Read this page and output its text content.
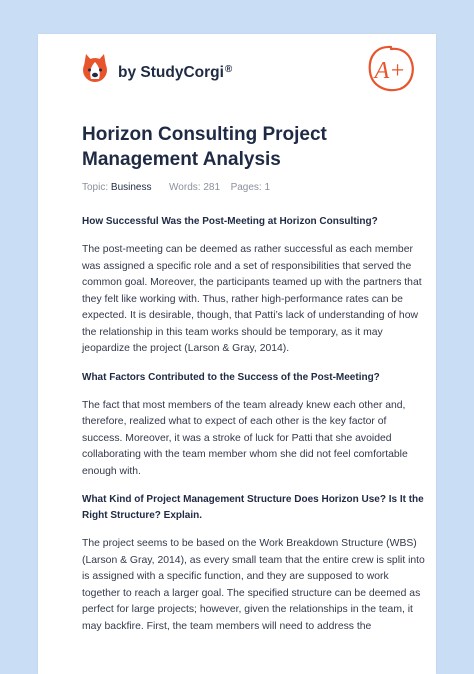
by StudyCorgi®	A+
Horizon Consulting Project Management Analysis
Topic: Business Words: 281 Pages: 1
How Successful Was the Post-Meeting at Horizon Consulting?

The post-meeting can be deemed as rather successful as each member was assigned a specific role and a set of responsibilities that served the common goal. Moreover, the participants teamed up with the partners that they felt like working with. Thus, rather high-performance rates can be expected. It is desirable, though, that Patti’s lack of understanding of how the relationship in this team works should be temporary, as it may jeopardize the project (Larson & Gray, 2014).

What Factors Contributed to the Success of the Post-Meeting?

The fact that most members of the team already knew each other and, therefore, realized what to expect of each other is the key factor of success. Moreover, it was a stroke of luck for Patti that she avoided collaborating with the team member whom she did not feel comfortable enough with.

What Kind of Project Management Structure Does Horizon Use? Is It the Right Structure? Explain.

The project seems to be based on the Work Breakdown Structure (WBS) (Larson & Gray, 2014), as every small team that the entire crew is split into is assigned with a specific function, and they are supposed to work together to reach a larger goal. The specified structure can be deemed as perfect for large projects; however, given the relationships in the team, it may backfire. First, the team members will need to address the
